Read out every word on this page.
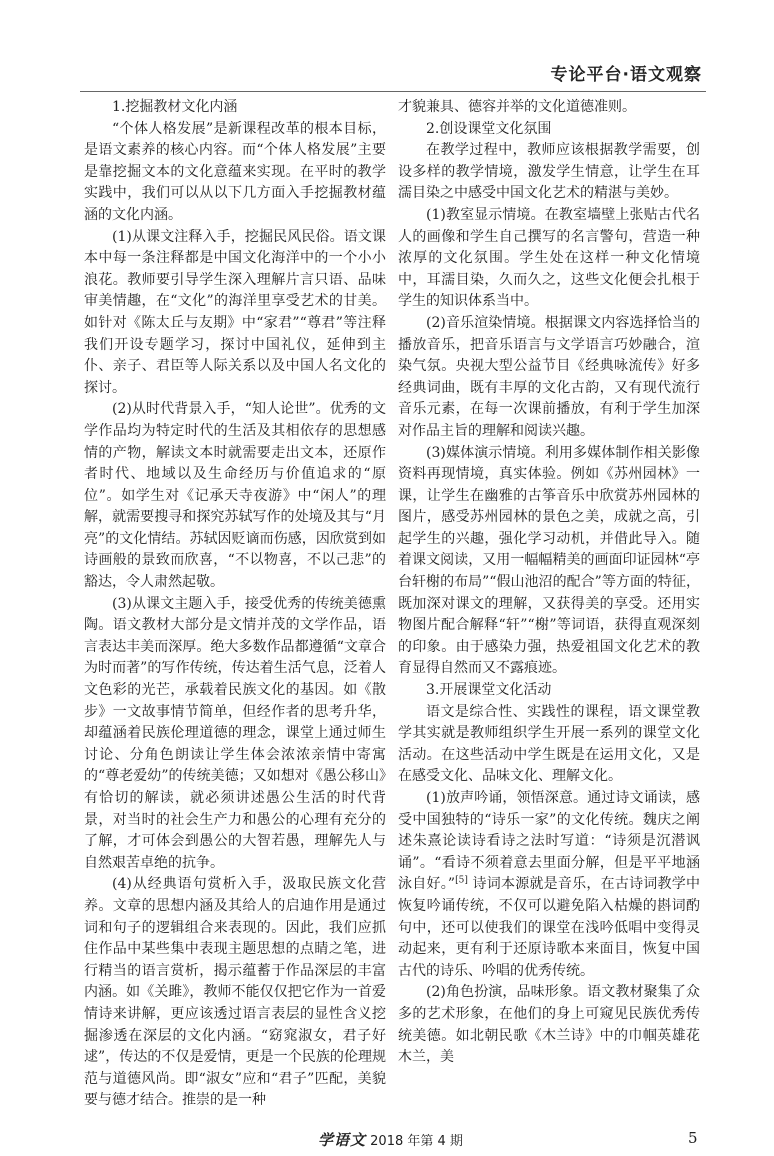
专论平台·语文观察

1.挖掘教材文化内涵

“个体人格发展”是新课程改革的根本目标，是语文素养的核心内容。而“个体人格发展”主要是靠挖掘文本的文化意蕴来实现。在平时的教学实践中，我们可以从以下几方面入手挖掘教材蕴涵的文化内涵。

(1)从课文注释入手，挖掘民风民俗。语文课本中每一条注释都是中国文化海洋中的一个小小浪花。教师要引导学生深入理解片言只语、品味审美情趣，在“文化”的海洋里享受艺术的甘美。如针对《陈太丘与友期》中“家君”“尊君”等注释我们开设专题学习，探讨中国礼仪，延伸到主仆、亲子、君臣等人际关系以及中国人名文化的探讨。

(2)从时代背景入手，“知人论世”。优秀的文学作品均为特定时代的生活及其相依存的思想感情的产物，解读文本时就需要走出文本，还原作者时代、地域以及生命经历与价值追求的“原位”。如学生对《记承天寺夜游》中“闲人”的理解，就需要搜寻和探究苏轼写作的处境及其与“月亮”的文化情结。苏轼因贬谪而伤感，因欣赏到如诗画般的景致而欣喜，“不以物喜，不以己悲”的豁达，令人肃然起敬。

(3)从课文主题入手，接受优秀的传统美德熏陶。语文教材大部分是文情并茂的文学作品，语言表达丰美而深厚。绝大多数作品都遵循“文章合为时而著”的写作传统，传达着生活气息，泛着人文色彩的光芒，承载着民族文化的基因。如《散步》一文故事情节简单，但经作者的思考升华，却蕴涵着民族伦理道德的理念，课堂上通过师生讨论、分角色朗读让学生体会浓浓亲情中寄寓的“尊老爱幼”的传统美德；又如想对《愚公移山》有恰切的解读，就必须讲述愚公生活的时代背景，对当时的社会生产力和愚公的心理有充分的了解，才可体会到愚公的大智若愚，理解先人与自然艰苦卓绝的抗争。

(4)从经典语句赏析入手，汲取民族文化营养。文章的思想内涵及其给人的启迪作用是通过词和句子的逻辑组合来表现的。因此，我们应抓住作品中某些集中表现主题思想的点睛之笔，进行精当的语言赏析，揭示蕴蓄于作品深层的丰富内涵。如《关雎》，教师不能仅仅把它作为一首爱情诗来讲解，更应该透过语言表层的显性含义挖掘渗透在深层的文化内涵。“窈窕淑女，君子好逑”，传达的不仅是爱情，更是一个民族的伦理规范与道德风尚。即“淑女”应和“君子”匹配，美貌要与德才结合。推崇的是一种

才貌兼具、德容并举的文化道德准则。

2.创设课堂文化氛围

在教学过程中，教师应该根据教学需要，创设多样的教学情境，激发学生情意，让学生在耳濡目染之中感受中国文化艺术的精湛与美妙。

(1)教室显示情境。在教室墙壁上张贴古代名人的画像和学生自己撰写的名言警句，营造一种浓厚的文化氛围。学生处在这样一种文化情境中，耳濡目染，久而久之，这些文化便会扎根于学生的知识体系当中。

(2)音乐渲染情境。根据课文内容选择恰当的播放音乐，把音乐语言与文学语言巧妙融合，渲染气氛。央视大型公益节目《经典咏流传》好多经典词曲，既有丰厚的文化古韵，又有现代流行音乐元素，在每一次课前播放，有利于学生加深对作品主旨的理解和阅读兴趣。

(3)媒体演示情境。利用多媒体制作相关影像资料再现情境，真实体验。例如《苏州园林》一课，让学生在幽雅的古筝音乐中欣赏苏州园林的图片，感受苏州园林的景色之美，成就之高，引起学生的兴趣，强化学习动机，并借此导入。随着课文阅读，又用一幅幅精美的画面印证园林“亭台轩榭的布局”“假山池沼的配合”等方面的特征，既加深对课文的理解，又获得美的享受。还用实物图片配合解释“轩”“榭”等词语，获得直观深刻的印象。由于感染力强，热爱祖国文化艺术的教育显得自然而又不露痕迹。

3.开展课堂文化活动

语文是综合性、实践性的课程，语文课堂教学其实就是教师组织学生开展一系列的课堂文化活动。在这些活动中学生既是在运用文化，又是在感受文化、品味文化、理解文化。

(1)放声吟诵，领悟深意。通过诗文诵读，感受中国独特的“诗乐一家”的文化传统。魏庆之阐述朱熹论读诗看诗之法时写道：“诗须是沉潜讽诵”。“看诗不须着意去里面分解，但是平平地涵泳自好。”[5] 诗词本源就是音乐，在古诗词教学中恢复吟诵传统，不仅可以避免陷入枯燥的斟词酌句中，还可以使我们的课堂在浅吟低唱中变得灵动起来，更有利于还原诗歌本来面目，恢复中国古代的诗乐、吟唱的优秀传统。

(2)角色扮演，品味形象。语文教材聚集了众多的艺术形象，在他们的身上可窥见民族优秀传统美德。如北朝民歌《木兰诗》中的巾帼英雄花木兰，美

学语文 2018 年第 4 期	5
